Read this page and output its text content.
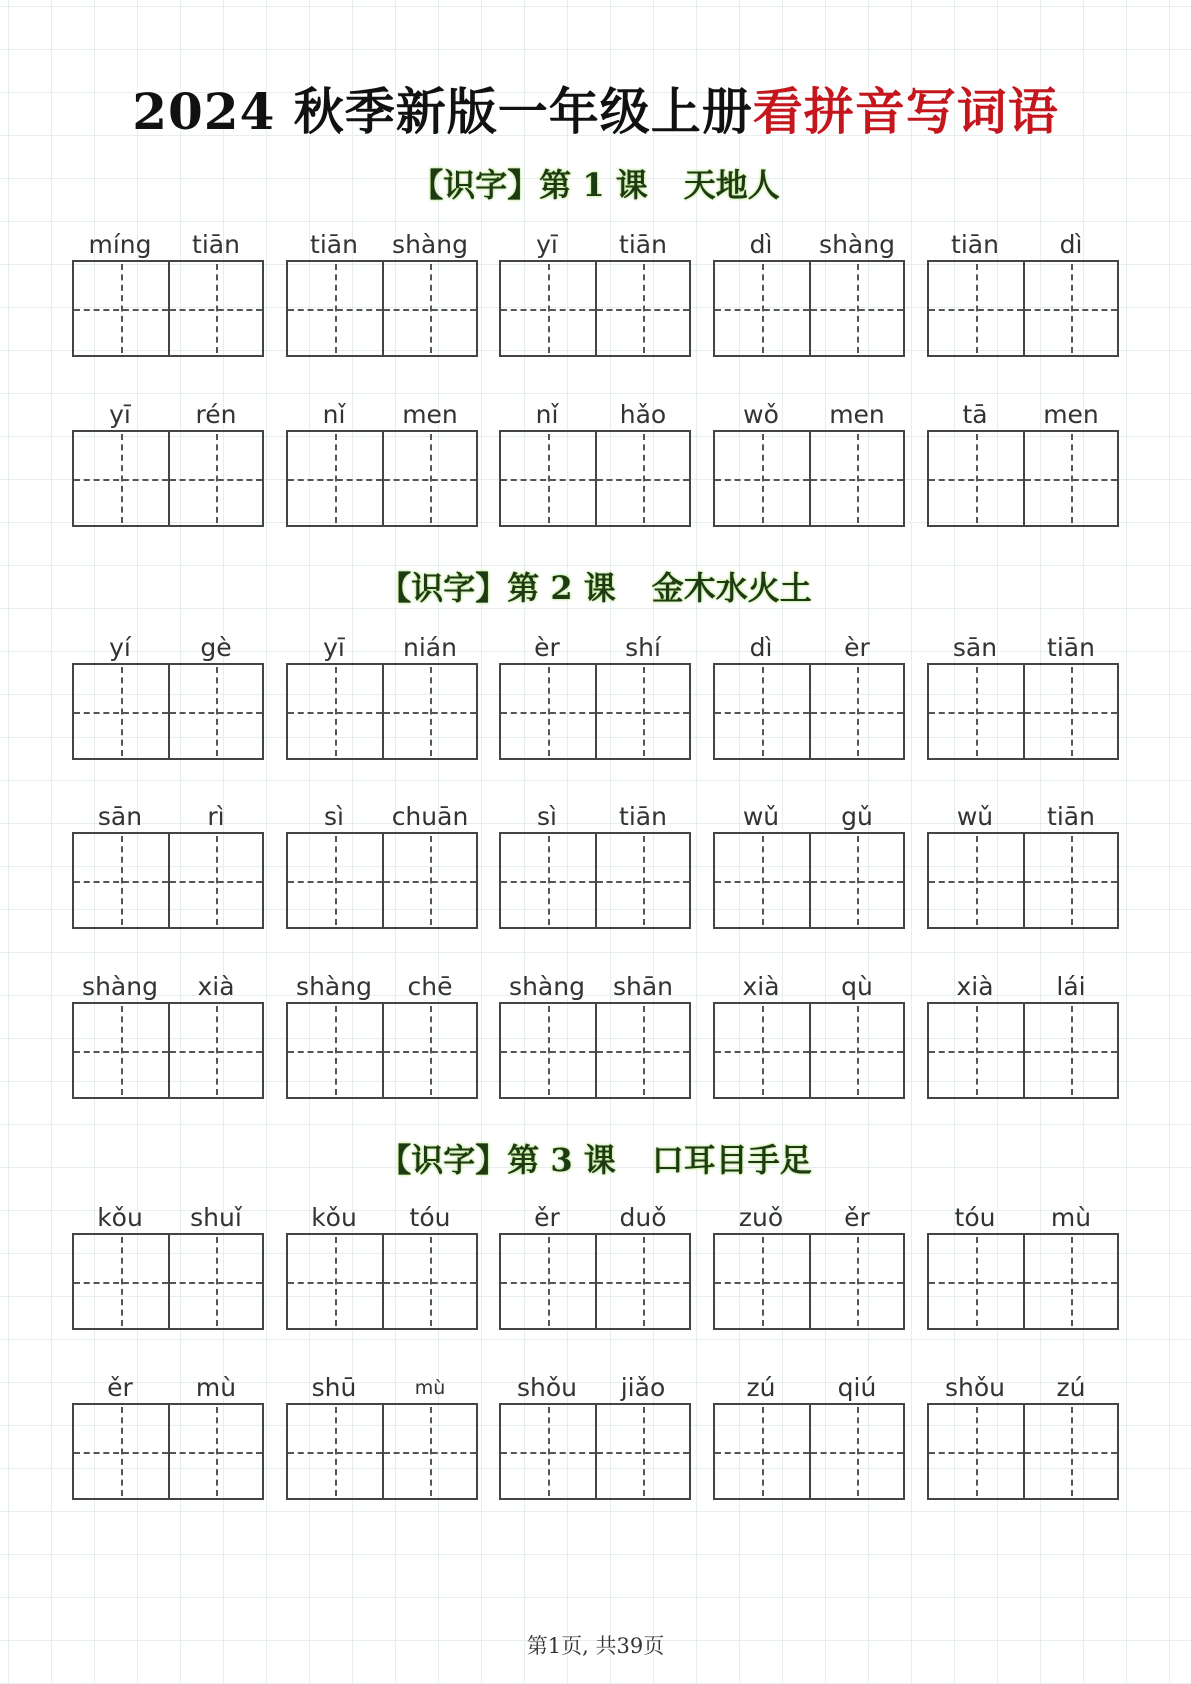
2024 秋季新版一年级上册看拼音写词语
【识字】第 1 课 天地人
【识字】第 2 课 金木水火土
【识字】第 3 课 口耳目手足
míng	tiān	tiān	shàng	yī	tiān	dì	shàng	tiān	dì
yī	rén	nǐ	men	nǐ	hǎo	wǒ	men	tā	men
yí	gè	yī	nián	èr	shí	dì	èr	sān	tiān
sān	rì	sì	chuān	sì	tiān	wǔ	gǔ	wǔ	tiān
shàng	xià	shàng	chē	shàng	shān	xià	qù	xià	lái
kǒu	shuǐ	kǒu	tóu	ěr	duǒ	zuǒ	ěr	tóu	mù
ěr	mù	shū	mù	shǒu	jiǎo	zú	qiú	shǒu	zú
第1页, 共39页
